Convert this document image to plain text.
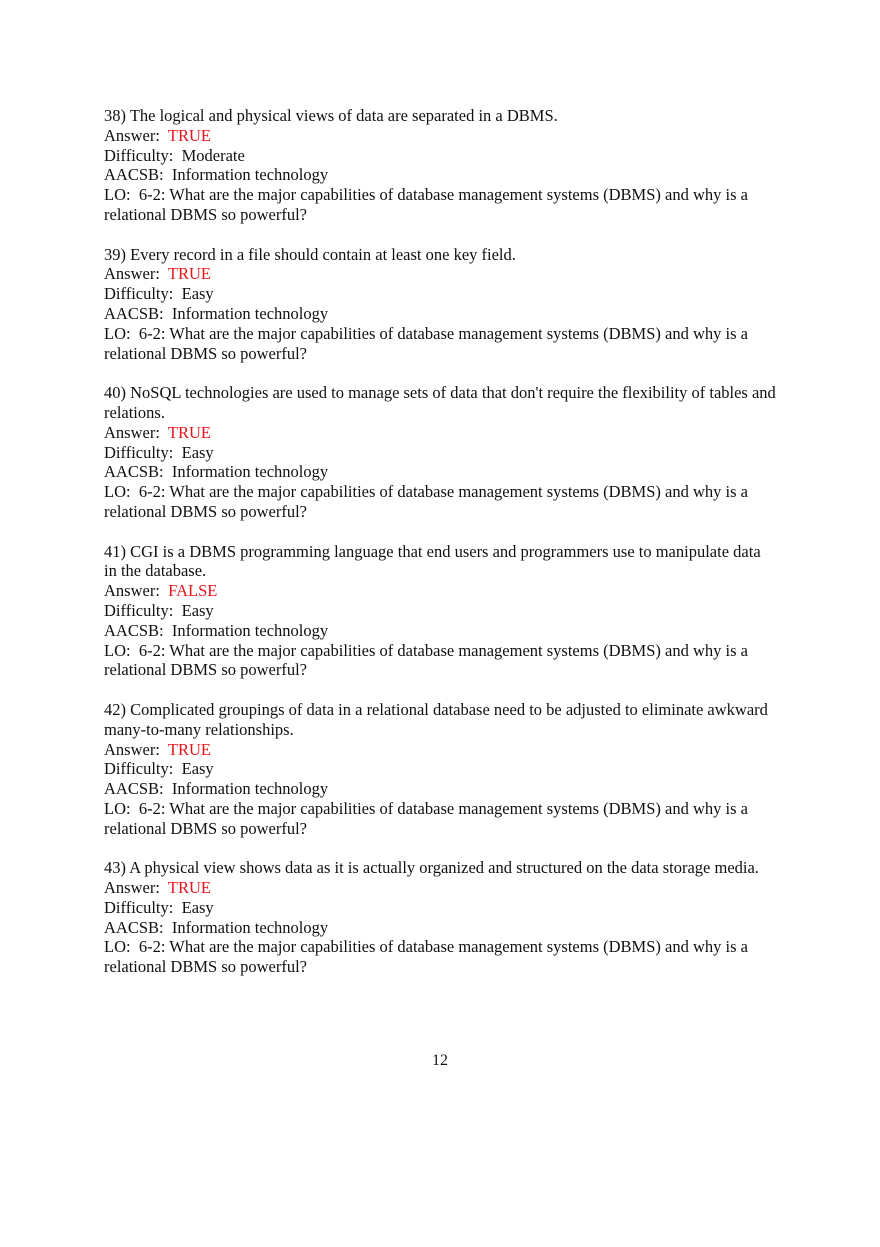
38) The logical and physical views of data are separated in a DBMS.
Answer: TRUE
Difficulty: Moderate
AACSB: Information technology
LO: 6-2: What are the major capabilities of database management systems (DBMS) and why is a relational DBMS so powerful?
39) Every record in a file should contain at least one key field.
Answer: TRUE
Difficulty: Easy
AACSB: Information technology
LO: 6-2: What are the major capabilities of database management systems (DBMS) and why is a relational DBMS so powerful?
40) NoSQL technologies are used to manage sets of data that don't require the flexibility of tables and relations.
Answer: TRUE
Difficulty: Easy
AACSB: Information technology
LO: 6-2: What are the major capabilities of database management systems (DBMS) and why is a relational DBMS so powerful?
41) CGI is a DBMS programming language that end users and programmers use to manipulate data in the database.
Answer: FALSE
Difficulty: Easy
AACSB: Information technology
LO: 6-2: What are the major capabilities of database management systems (DBMS) and why is a relational DBMS so powerful?
42) Complicated groupings of data in a relational database need to be adjusted to eliminate awkward many-to-many relationships.
Answer: TRUE
Difficulty: Easy
AACSB: Information technology
LO: 6-2: What are the major capabilities of database management systems (DBMS) and why is a relational DBMS so powerful?
43) A physical view shows data as it is actually organized and structured on the data storage media.
Answer: TRUE
Difficulty: Easy
AACSB: Information technology
LO: 6-2: What are the major capabilities of database management systems (DBMS) and why is a relational DBMS so powerful?
12
